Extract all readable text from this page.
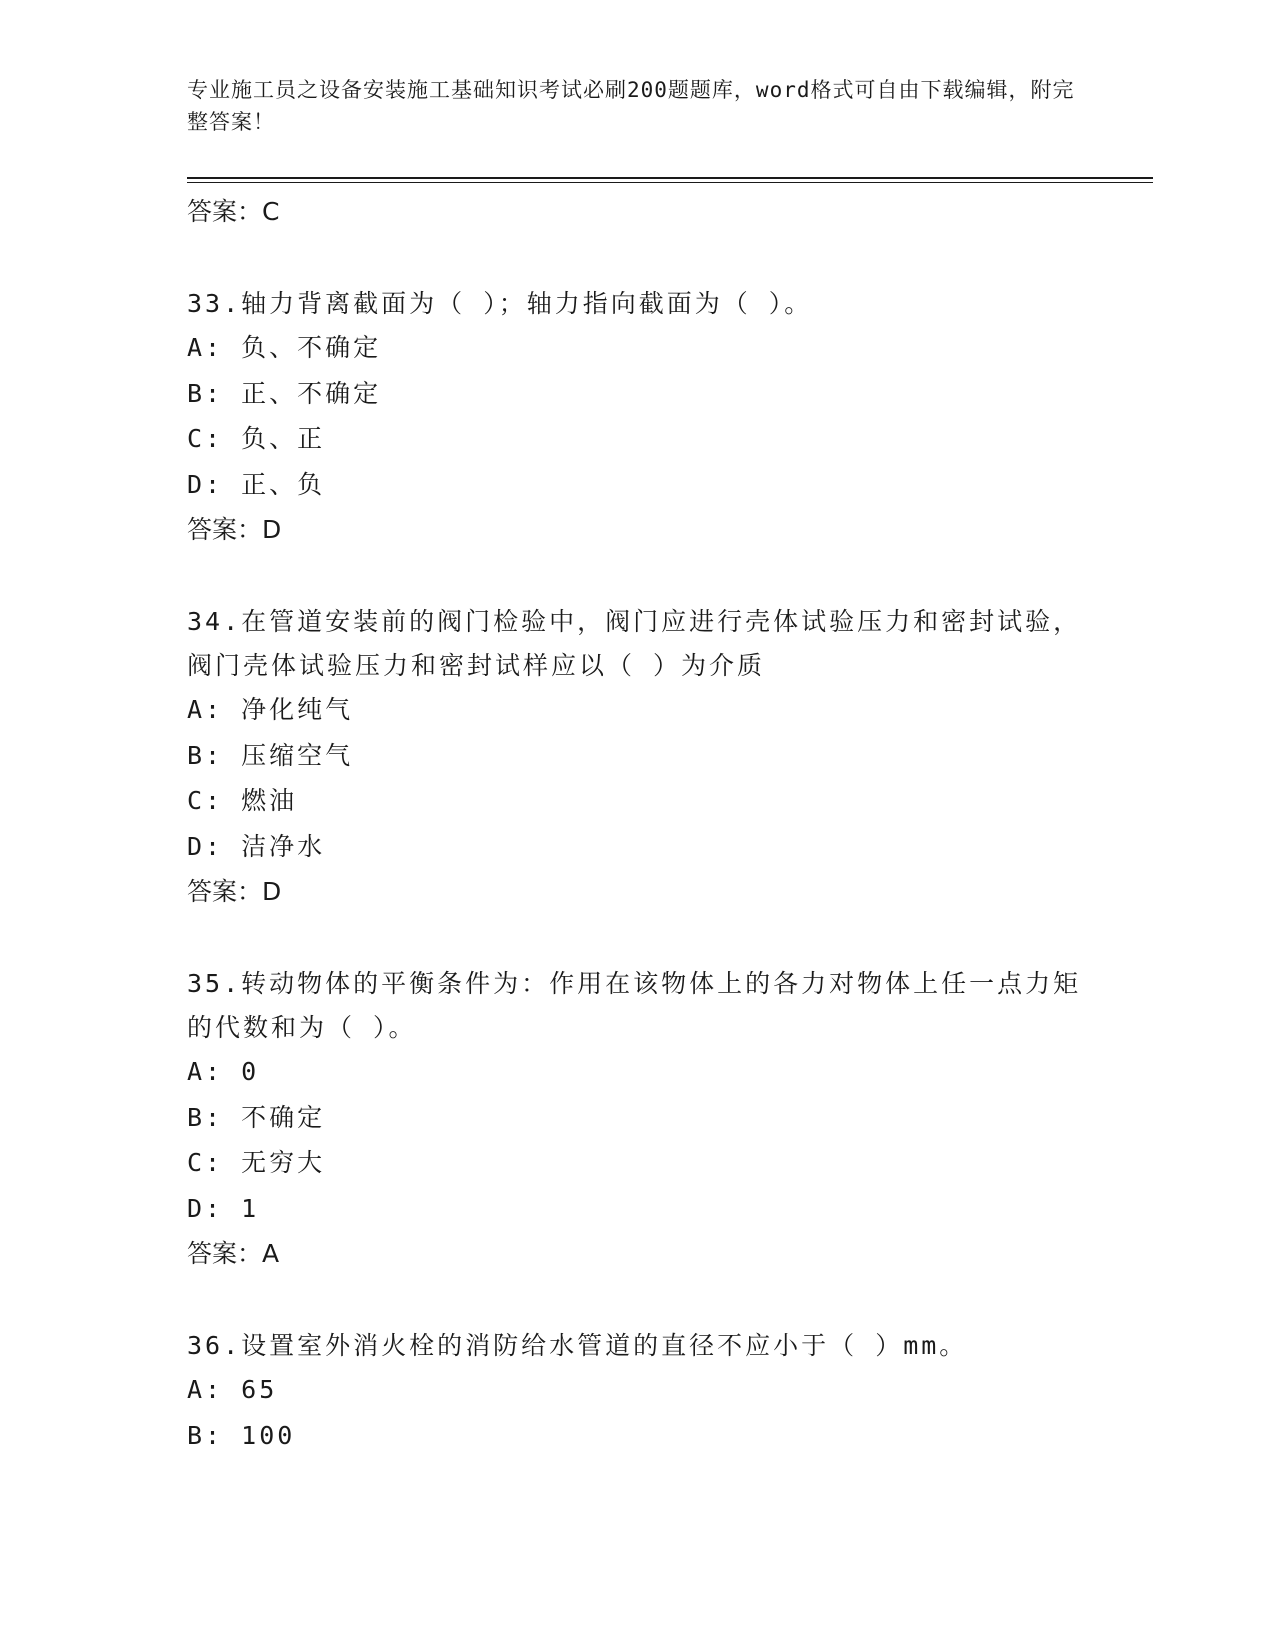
专业施工员之设备安装施工基础知识考试必刷200题题库，word格式可自由下载编辑，附完整答案！
答案：C
33.轴力背离截面为（ ）；轴力指向截面为（ ）。
A: 负、不确定
B: 正、不确定
C: 负、正
D: 正、负
答案：D
34.在管道安装前的阀门检验中，阀门应进行壳体试验压力和密封试验，阀门壳体试验压力和密封试样应以（ ）为介质
A: 净化纯气
B: 压缩空气
C: 燃油
D: 洁净水
答案：D
35.转动物体的平衡条件为：作用在该物体上的各力对物体上任一点力矩的代数和为（ ）。
A: 0
B: 不确定
C: 无穷大
D: 1
答案：A
36.设置室外消火栓的消防给水管道的直径不应小于（ ）mm。
A: 65
B: 100
